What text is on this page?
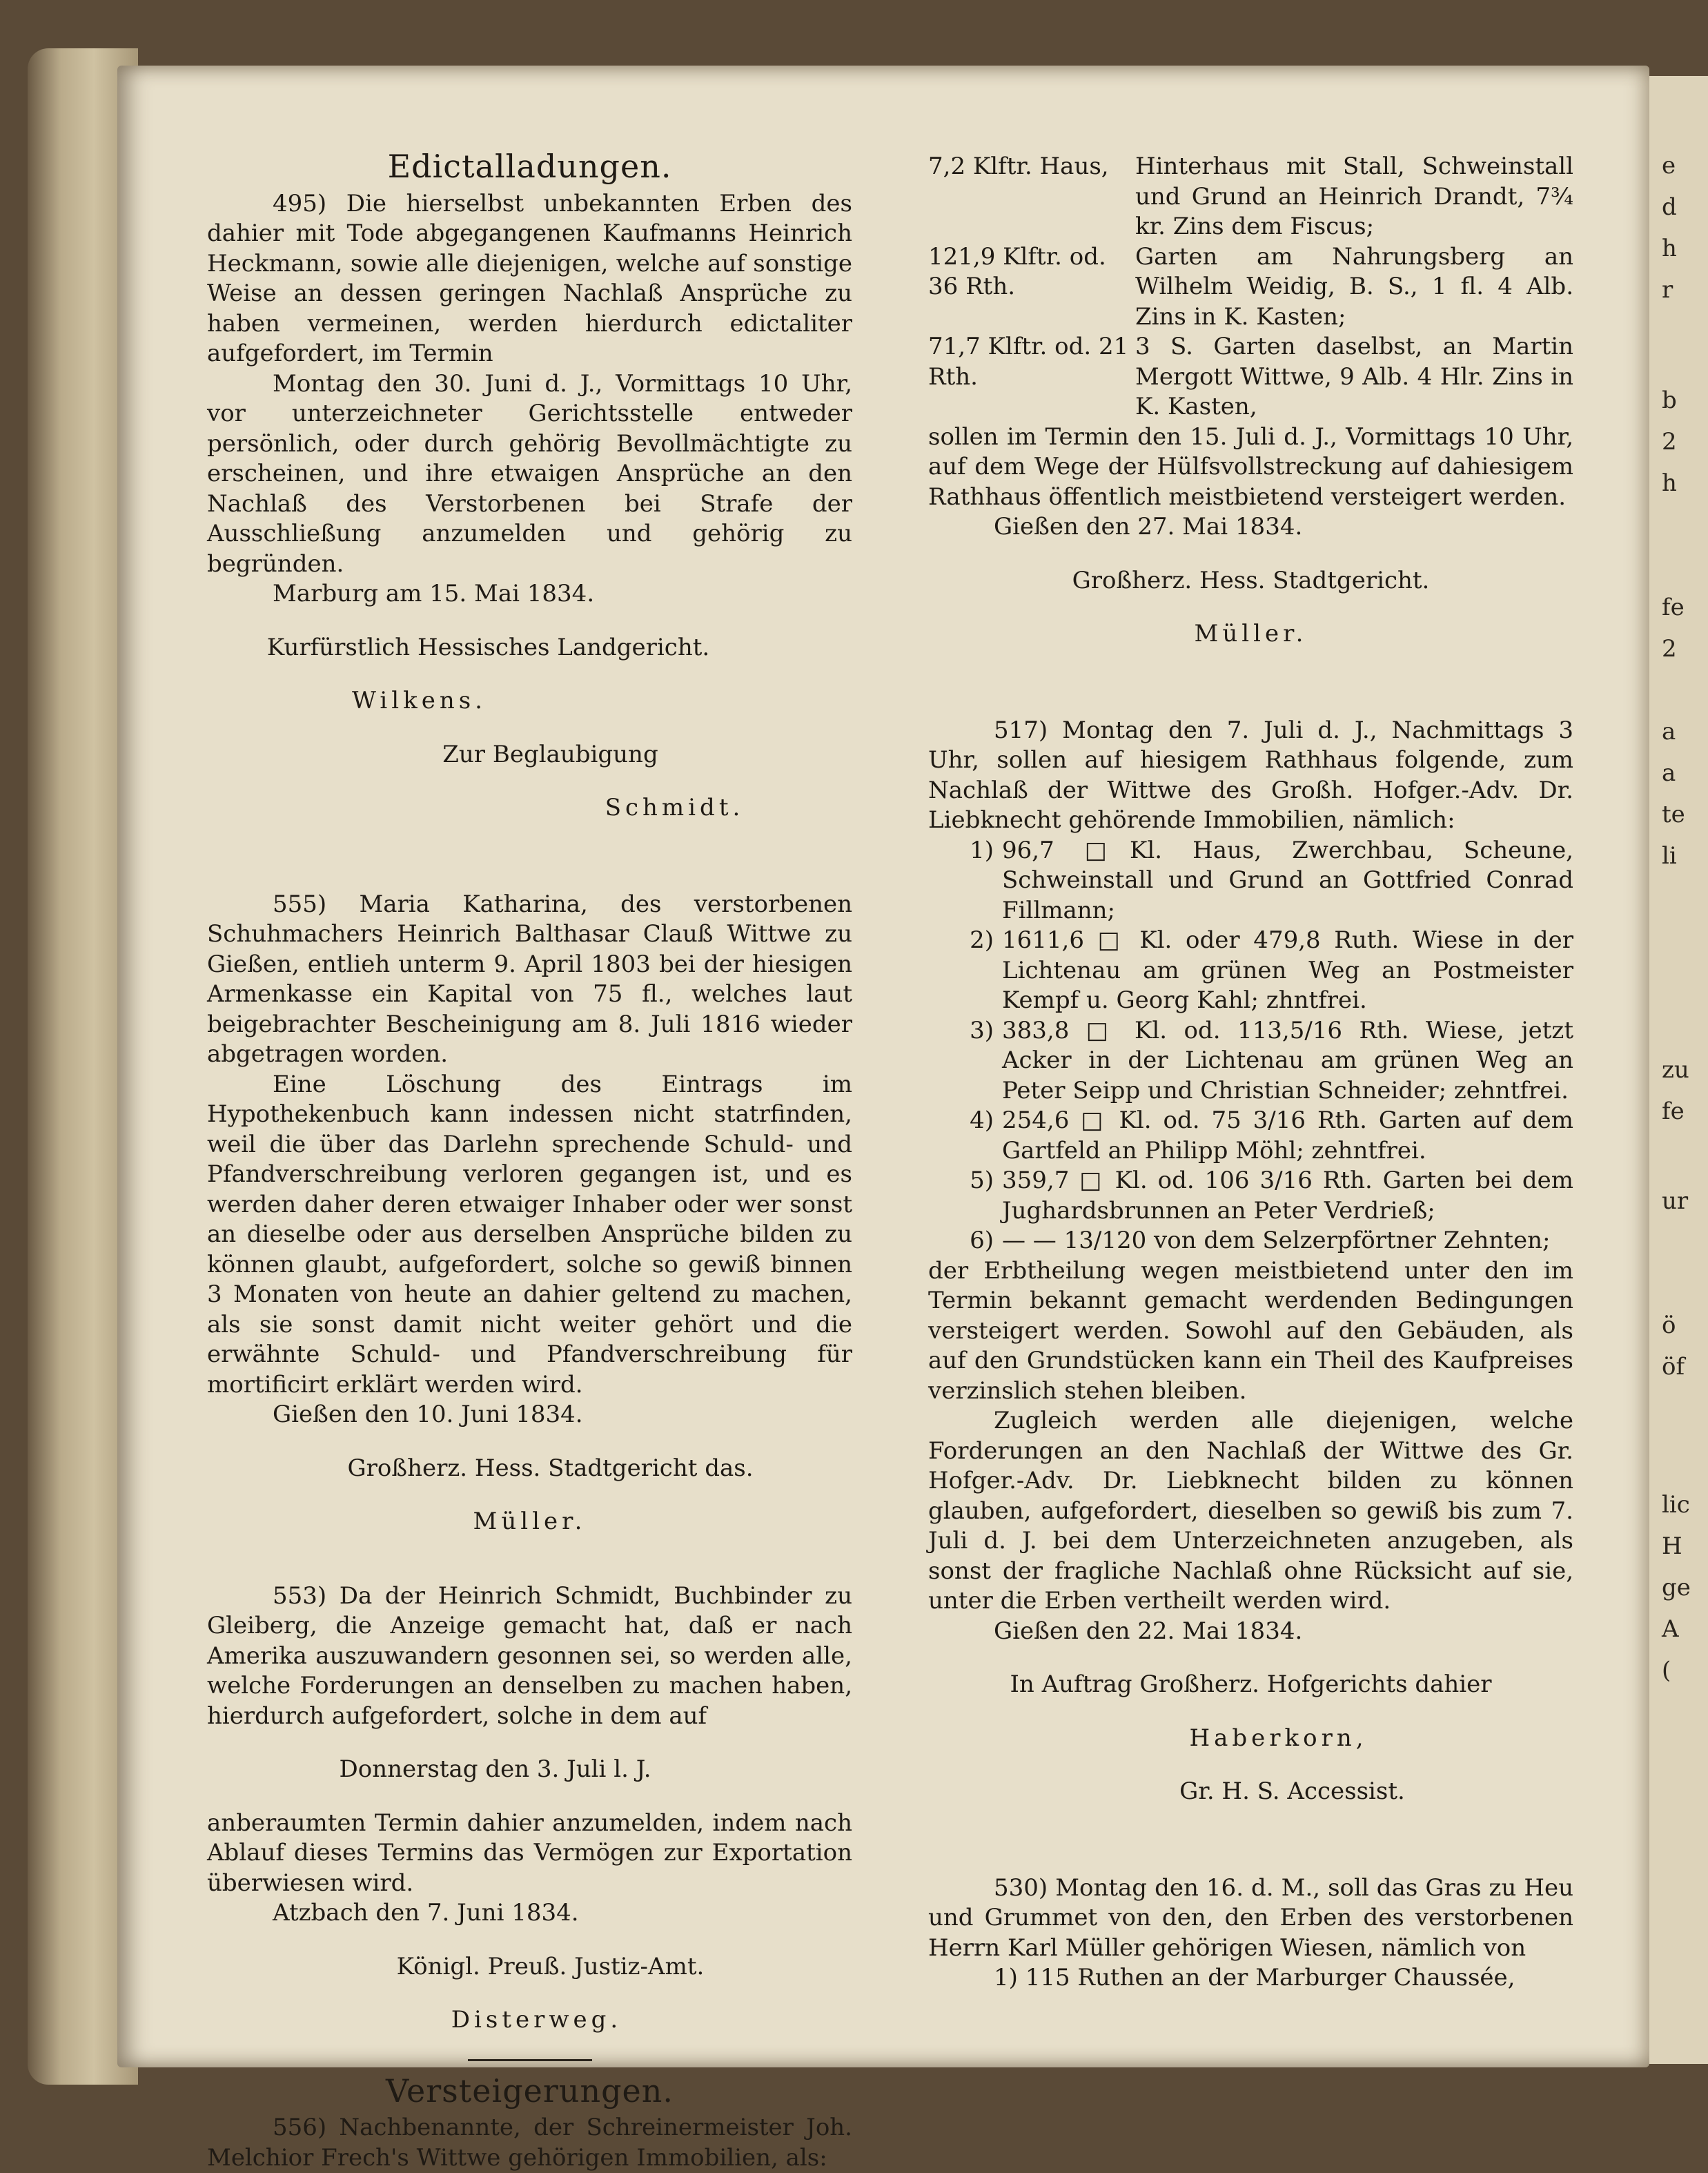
e
d
h
r
b
2
h
fe
2
a
a
te
li
zu
fe
ur
ö
öf
lic
H
ge
A
(

Edictalladungen.

495) Die hierselbst unbekannten Erben des dahier mit Tode abgegangenen Kaufmanns Heinrich Heckmann, sowie alle diejenigen, welche auf sonstige Weise an dessen geringen Nachlaß Ansprüche zu haben vermeinen, werden hierdurch edictaliter aufgefordert, im Termin

Montag den 30. Juni d. J., Vormittags 10 Uhr, vor unterzeichneter Gerichtsstelle entweder persönlich, oder durch gehörig Bevollmächtigte zu erscheinen, und ihre etwaigen Ansprüche an den Nachlaß des Verstorbenen bei Strafe der Ausschließung anzumelden und gehörig zu begründen.

Marburg am 15. Mai 1834.

Kurfürstlich Hessisches Landgericht.

Wilkens.

Zur Beglaubigung

Schmidt.

555) Maria Katharina, des verstorbenen Schuhmachers Heinrich Balthasar Clauß Wittwe zu Gießen, entlieh unterm 9. April 1803 bei der hiesigen Armenkasse ein Kapital von 75 fl., welches laut beigebrachter Bescheinigung am 8. Juli 1816 wieder abgetragen worden.

Eine Löschung des Eintrags im Hypothekenbuch kann indessen nicht statrfinden, weil die über das Darlehn sprechende Schuld- und Pfandverschreibung verloren gegangen ist, und es werden daher deren etwaiger Inhaber oder wer sonst an dieselbe oder aus derselben Ansprüche bilden zu können glaubt, aufgefordert, solche so gewiß binnen 3 Monaten von heute an dahier geltend zu machen, als sie sonst damit nicht weiter gehört und die erwähnte Schuld- und Pfandverschreibung für mortificirt erklärt werden wird.

Gießen den 10. Juni 1834.

Großherz. Hess. Stadtgericht das.

Müller.

553) Da der Heinrich Schmidt, Buchbinder zu Gleiberg, die Anzeige gemacht hat, daß er nach Amerika auszuwandern gesonnen sei, so werden alle, welche Forderungen an denselben zu machen haben, hierdurch aufgefordert, solche in dem auf

Donnerstag den 3. Juli l. J.

anberaumten Termin dahier anzumelden, indem nach Ablauf dieses Termins das Vermögen zur Exportation überwiesen wird.

Atzbach den 7. Juni 1834.

Königl. Preuß. Justiz-Amt.

Disterweg.

Versteigerungen.

556) Nachbenannte, der Schreinermeister Joh. Melchior Frech's Wittwe gehörigen Immobilien, als:

7,2 Klftr. Haus,	Hinterhaus mit Stall, Schweinstall und Grund an Heinrich Drandt, 7¾ kr. Zins dem Fiscus;
121,9 Klftr. od. 36 Rth.
Garten am Nahrungsberg an Wilhelm Weidig, B. S., 1 fl. 4 Alb. Zins in K. Kasten;
71,7 Klftr. od. 21 Rth.
3 S. Garten daselbst, an Martin Mergott Wittwe, 9 Alb. 4 Hlr. Zins in K. Kasten,

sollen im Termin den 15. Juli d. J., Vormittags 10 Uhr, auf dem Wege der Hülfsvollstreckung auf dahiesigem Rathhaus öffentlich meistbietend versteigert werden.

Gießen den 27. Mai 1834.

Großherz. Hess. Stadtgericht.

Müller.

517) Montag den 7. Juli d. J., Nachmittags 3 Uhr, sollen auf hiesigem Rathhaus folgende, zum Nachlaß der Wittwe des Großh. Hofger.-Adv. Dr. Liebknecht gehörende Immobilien, nämlich:

1) 96,7 □Kl. Haus, Zwerchbau, Scheune, Schweinstall und Grund an Gottfried Conrad Fillmann;
2) 1611,6 □ Kl. oder 479,8 Ruth. Wiese in der Lichtenau am grünen Weg an Postmeister Kempf u. Georg Kahl; zhntfrei.
3) 383,8 □ Kl. od. 113,5/16 Rth. Wiese, jetzt Acker in der Lichtenau am grünen Weg an Peter Seipp und Christian Schneider; zehntfrei.
4) 254,6 □ Kl. od. 75 3/16 Rth. Garten auf dem Gartfeld an Philipp Möhl; zehntfrei.
5) 359,7 □ Kl. od. 106 3/16 Rth. Garten bei dem Jughardsbrunnen an Peter Verdrieß;
6) — — 13/120 von dem Selzerpförtner Zehnten;

der Erbtheilung wegen meistbietend unter den im Termin bekannt gemacht werdenden Bedingungen versteigert werden. Sowohl auf den Gebäuden, als auf den Grundstücken kann ein Theil des Kaufpreises verzinslich stehen bleiben.

Zugleich werden alle diejenigen, welche Forderungen an den Nachlaß der Wittwe des Gr. Hofger.-Adv. Dr. Liebknecht bilden zu können glauben, aufgefordert, dieselben so gewiß bis zum 7. Juli d. J. bei dem Unterzeichneten anzugeben, als sonst der fragliche Nachlaß ohne Rücksicht auf sie, unter die Erben vertheilt werden wird.

Gießen den 22. Mai 1834.

In Auftrag Großherz. Hofgerichts dahier

Haberkorn,

Gr. H. S. Accessist.

530) Montag den 16. d. M., soll das Gras zu Heu und Grummet von den, den Erben des verstorbenen Herrn Karl Müller gehörigen Wiesen, nämlich von

1) 115 Ruthen an der Marburger Chaussée,
